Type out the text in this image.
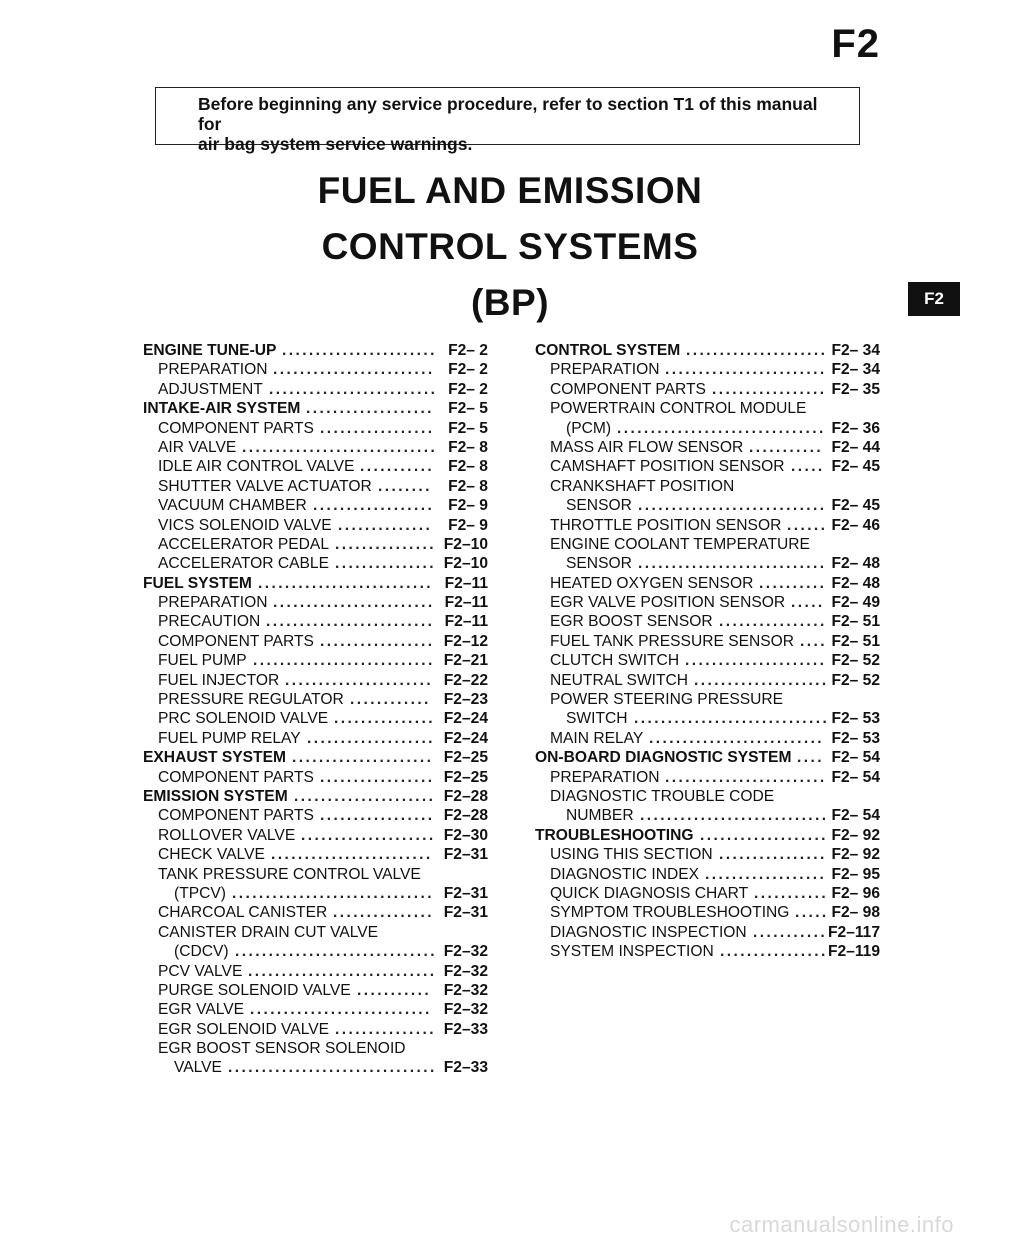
F2
Before beginning any service procedure, refer to section T1 of this manual for
air bag system service warnings.
FUEL AND EMISSION
CONTROL SYSTEMS
(BP)	F2
ENGINE TUNE-UP ....................... F2– 2
PREPARATION ........................ F2– 2
ADJUSTMENT ......................... F2– 2
INTAKE-AIR SYSTEM ................... F2– 5
COMPONENT PARTS ................. F2– 5
AIR VALVE ............................. F2– 8
IDLE AIR CONTROL VALVE ........... F2– 8
SHUTTER VALVE ACTUATOR ........	F2– 8
VACUUM CHAMBER .................. F2– 9
VICS SOLENOID VALVE ..............	F2– 9
ACCELERATOR PEDAL ............... F2–10
ACCELERATOR CABLE ............... F2–10
FUEL SYSTEM .......................... F2–11
PREPARATION ........................ F2–11
PRECAUTION ......................... F2–11
COMPONENT PARTS ................. F2–12
FUEL PUMP ........................... F2–21
FUEL INJECTOR ...................... F2–22
PRESSURE REGULATOR ............ F2–23
PRC SOLENOID VALVE ............... F2–24
FUEL PUMP RELAY ................... F2–24
EXHAUST SYSTEM ..................... F2–25
COMPONENT PARTS ................. F2–25
EMISSION SYSTEM ..................... F2–28
COMPONENT PARTS ................. F2–28
ROLLOVER VALVE .................... F2–30
CHECK VALVE ........................ F2–31
TANK PRESSURE CONTROL VALVE
(TPCV) .............................. F2–31
CHARCOAL CANISTER ............... F2–31
CANISTER DRAIN CUT VALVE
(CDCV) .............................. F2–32
PCV VALVE ............................ F2–32
PURGE SOLENOID VALVE ........... F2–32
EGR VALVE ........................... F2–32
EGR SOLENOID VALVE ............... F2–33
EGR BOOST SENSOR SOLENOID
VALVE ............................... F2–33
CONTROL SYSTEM ..................... F2– 34
PREPARATION ........................ F2– 34
COMPONENT PARTS ................. F2– 35
POWERTRAIN CONTROL MODULE
(PCM) ............................... F2– 36
MASS AIR FLOW SENSOR ........... F2– 44
CAMSHAFT POSITION SENSOR ..... F2– 45
CRANKSHAFT POSITION
SENSOR ............................ F2– 45
THROTTLE POSITION SENSOR ...... F2– 46
ENGINE COOLANT TEMPERATURE
SENSOR ............................ F2– 48
HEATED OXYGEN SENSOR .......... F2– 48
EGR VALVE POSITION SENSOR ..... F2– 49
EGR BOOST SENSOR ................ F2– 51
FUEL TANK PRESSURE SENSOR .... F2– 51
CLUTCH SWITCH ..................... F2– 52
NEUTRAL SWITCH .................... F2– 52
POWER STEERING PRESSURE
SWITCH ............................. F2– 53
MAIN RELAY .......................... F2– 53
ON-BOARD DIAGNOSTIC SYSTEM .... F2– 54
PREPARATION ........................ F2– 54
DIAGNOSTIC TROUBLE CODE
NUMBER ............................ F2– 54
TROUBLESHOOTING ................... F2– 92
USING THIS SECTION ................ F2– 92
DIAGNOSTIC INDEX .................. F2– 95
QUICK DIAGNOSIS CHART ........... F2– 96
SYMPTOM TROUBLESHOOTING ..... F2– 98
DIAGNOSTIC INSPECTION ........... F2–117
SYSTEM INSPECTION ................ F2–119
carmanualsonline.info
